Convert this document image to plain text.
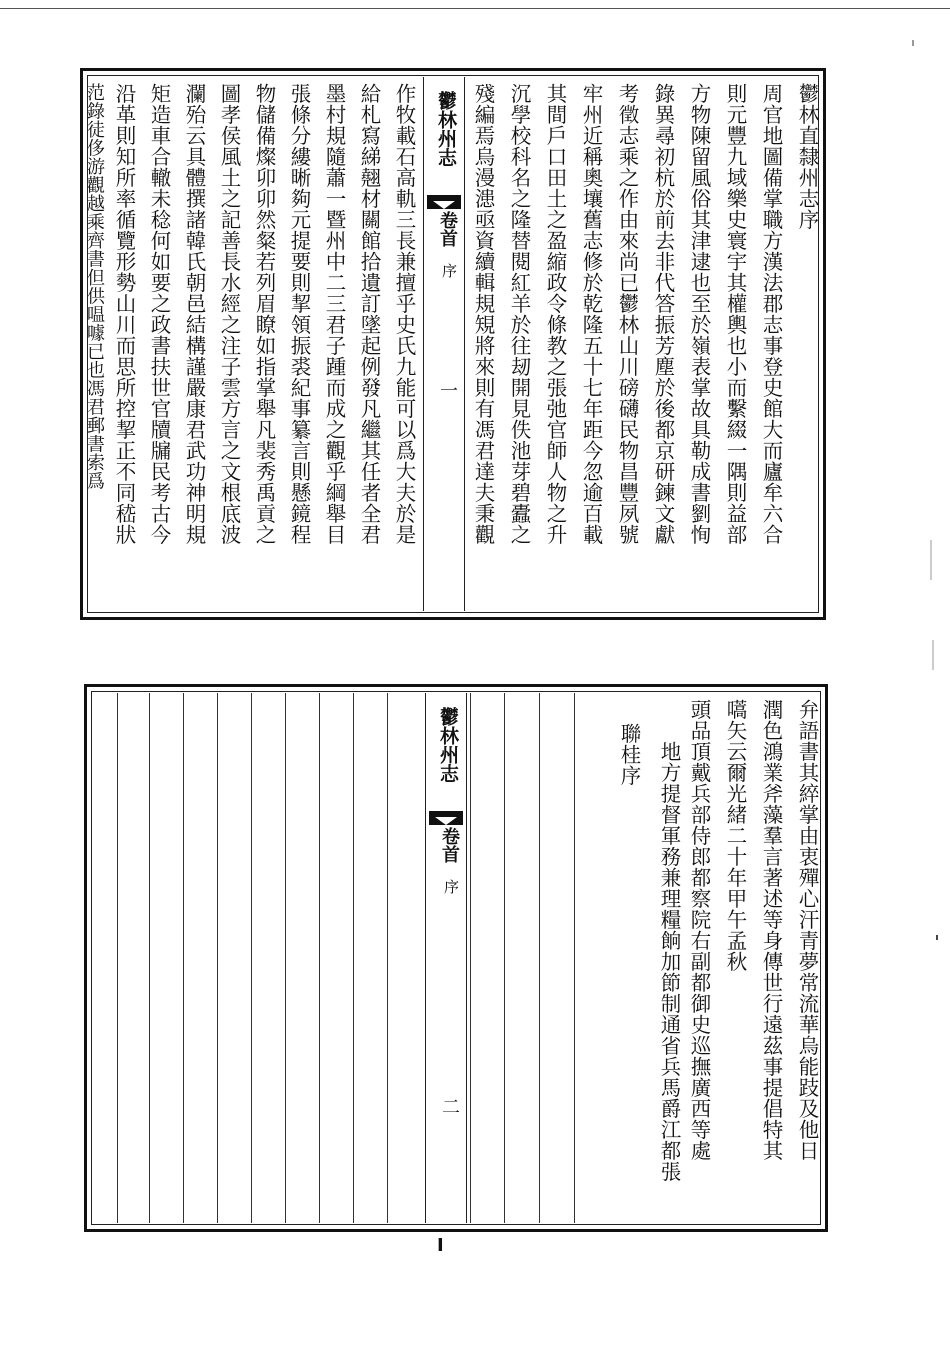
鬱林直隸州志序
周官地圖備掌職方漢法郡志事登史館大而廬牟六合
則元豐九域樂史寰宇其權輿也小而繫綴一隅則益部
方物陳留風俗其津逮也至於嶺表掌故具勒成書劉恂
錄異尋初杭於前去非代答振芳塵於後都京研鍊文獻
考徵志乘之作由來尚已鬱林山川磅礴民物昌豐夙號
牢州近稱奧壤舊志修於乾隆五十七年距今忽逾百載
其間戶口田土之盈縮政令條教之張弛官師人物之升
沉學校科名之隆替閱紅羊於往刼開見佚池芽碧蠹之
殘編焉烏漫漶亟資續輯規䂓將來則有馮君達夫秉觀
鬱林州志
卷首
序
一
作牧載石高軌三長兼擅乎史氏九能可以爲大夫於是
給札寫綈翹材關館拾遺訂墜起例發凡繼其任者全君
墨村規隨蕭一暨州中二三君子踵而成之觀乎綱舉目
張條分縷晰夠元提要則挈領振裘紀事纂言則懸鏡程
物儲備燦卯卯然粲若列眉瞭如指掌舉凡裴秀禹貢之
圖孝侯風土之記善長水經之注子雲方言之文根底波
瀾殆云具體撰諸韓氏朝邑結構謹嚴康君武功神明規
矩造車合轍未稔何如要之政書扶世官牘牖民考古今
沿革則知所率循覽形勢山川而思所控挈正不同嵇狀
范錄徒侈游觀越乘齊書但供嗢噱已也馮君郵書索爲
弁語書其綷掌由衷殫心汗青夢常流華烏能跂及他日
潤色鴻業斧藻羣言著述等身傳世行遠茲事提倡特其
嚆矢云爾光緒二十年甲午孟秋
頭品頂戴兵部侍郎都察院右副都御史巡撫廣西等處
地方提督軍務兼理糧餉加節制通省兵馬爵江都張
聯桂序
鬱林州志
卷首
序
二
I
